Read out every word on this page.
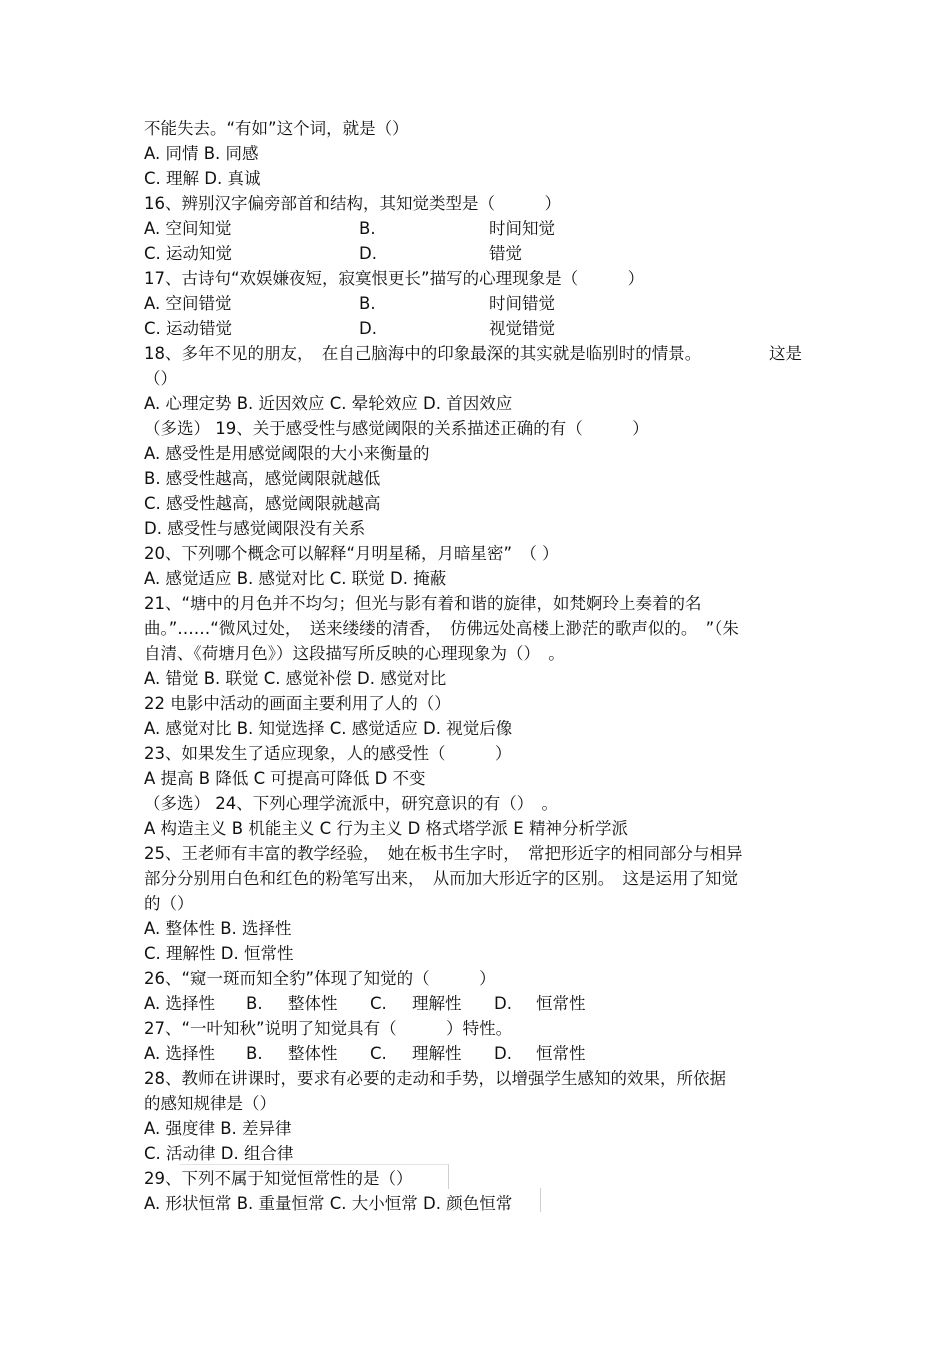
不能失去。“有如”这个词，就是（）
A. 同情 B. 同感
C. 理解 D. 真诚
16、辨别汉字偏旁部首和结构，其知觉类型是（　　　）
A. 空间知觉	B.	时间知觉
C. 运动知觉	D.	错觉
17、古诗句“欢娱嫌夜短，寂寞恨更长”描写的心理现象是（　　　）
A. 空间错觉	B.	时间错觉
C. 运动错觉	D.	视觉错觉
18、多年不见的朋友，　在自己脑海中的印象最深的其实就是临别时的情景。	这是
（）
A. 心理定势 B. 近因效应 C. 晕轮效应 D. 首因效应
（多选） 19、关于感受性与感觉阈限的关系描述正确的有（　　　）
A. 感受性是用感觉阈限的大小来衡量的
B. 感受性越高，感觉阈限就越低
C. 感受性越高，感觉阈限就越高
D. 感受性与感觉阈限没有关系
20、下列哪个概念可以解释“月明星稀，月暗星密”　（ ）
A. 感觉适应 B. 感觉对比 C. 联觉 D. 掩蔽
21、“塘中的月色并不均匀；但光与影有着和谐的旋律，如梵婀玲上奏着的名
曲。”……“微风过处，　送来缕缕的清香，　仿佛远处高楼上渺茫的歌声似的。　”（朱
自清、《荷塘月色》）这段描写所反映的心理现象为（）　。
A. 错觉 B. 联觉 C. 感觉补偿 D. 感觉对比
22 电影中活动的画面主要利用了人的（）
A. 感觉对比 B. 知觉选择 C. 感觉适应 D. 视觉后像
23、如果发生了适应现象，人的感受性（　　　）
A 提高 B 降低 C 可提高可降低 D 不变
（多选） 24、下列心理学流派中，研究意识的有（）　。
A 构造主义 B 机能主义 C 行为主义 D 格式塔学派 E 精神分析学派
25、王老师有丰富的教学经验，　她在板书生字时，　常把形近字的相同部分与相异
部分分别用白色和红色的粉笔写出来，　从而加大形近字的区别。　这是运用了知觉
的（）
A. 整体性 B. 选择性
C. 理解性 D. 恒常性
26、“窥一斑而知全豹”体现了知觉的（　　　）
A. 选择性 B. 整体性 C. 理解性 D. 恒常性
27、“一叶知秋”说明了知觉具有（　　　）特性。
A. 选择性 B. 整体性 C. 理解性 D. 恒常性
28、教师在讲课时，要求有必要的走动和手势，以增强学生感知的效果，所依据
的感知规律是（）
A. 强度律 B. 差异律
C. 活动律 D. 组合律
29、下列不属于知觉恒常性的是（）
A. 形状恒常 B. 重量恒常 C. 大小恒常 D. 颜色恒常
